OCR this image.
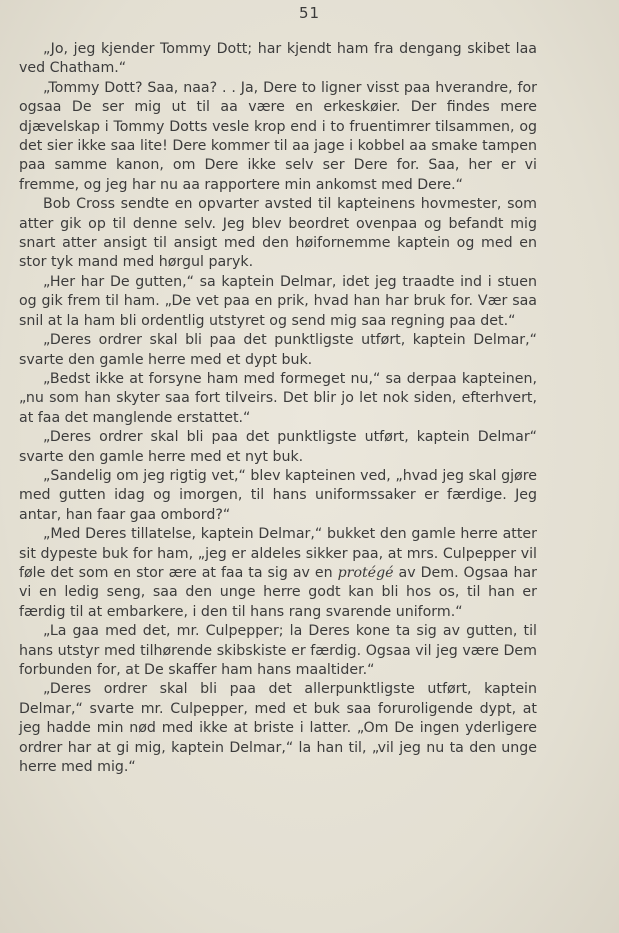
51

„Jo, jeg kjender Tommy Dott; har kjendt ham fra dengang skibet laa ved Chatham.“

„Tommy Dott? Saa, naa? . . Ja, Dere to ligner visst paa hverandre, for ogsaa De ser mig ut til aa være en erkeskøier. Der findes mere djævelskap i Tommy Dotts vesle krop end i to fruentimrer tilsammen, og det sier ikke saa lite! Dere kommer til aa jage i kobbel aa smake tampen paa samme kanon, om Dere ikke selv ser Dere for. Saa, her er vi fremme, og jeg har nu aa rapportere min ankomst med Dere.“

Bob Cross sendte en opvarter avsted til kapteinens hovmester, som atter gik op til denne selv. Jeg blev beordret ovenpaa og befandt mig snart atter ansigt til ansigt med den høifornemme kaptein og med en stor tyk mand med hørgul paryk.

„Her har De gutten,“ sa kaptein Delmar, idet jeg traadte ind i stuen og gik frem til ham. „De vet paa en prik, hvad han har bruk for. Vær saa snil at la ham bli ordentlig utstyret og send mig saa regning paa det.“

„Deres ordrer skal bli paa det punktligste utført, kaptein Delmar,“ svarte den gamle herre med et dypt buk.

„Bedst ikke at forsyne ham med formeget nu,“ sa derpaa kapteinen, „nu som han skyter saa fort tilveirs. Det blir jo let nok siden, efterhvert, at faa det manglende erstattet.“

„Deres ordrer skal bli paa det punktligste utført, kaptein Delmar“ svarte den gamle herre med et nyt buk.

„Sandelig om jeg rigtig vet,“ blev kapteinen ved, „hvad jeg skal gjøre med gutten idag og imorgen, til hans uniformssaker er færdige. Jeg antar, han faar gaa ombord?“

„Med Deres tillatelse, kaptein Delmar,“ bukket den gamle herre atter sit dypeste buk for ham, „jeg er aldeles sikker paa, at mrs. Culpepper vil føle det som en stor ære at faa ta sig av en protégé av Dem. Ogsaa har vi en ledig seng, saa den unge herre godt kan bli hos os, til han er færdig til at embarkere, i den til hans rang svarende uniform.“

„La gaa med det, mr. Culpepper; la Deres kone ta sig av gutten, til hans utstyr med tilhørende skibskiste er færdig. Ogsaa vil jeg være Dem forbunden for, at De skaffer ham hans maaltider.“

„Deres ordrer skal bli paa det allerpunktligste utført, kaptein Delmar,“ svarte mr. Culpepper, med et buk saa foruroligende dypt, at jeg hadde min nød med ikke at briste i latter. „Om De ingen yderligere ordrer har at gi mig, kaptein Delmar,“ la han til, „vil jeg nu ta den unge herre med mig.“
